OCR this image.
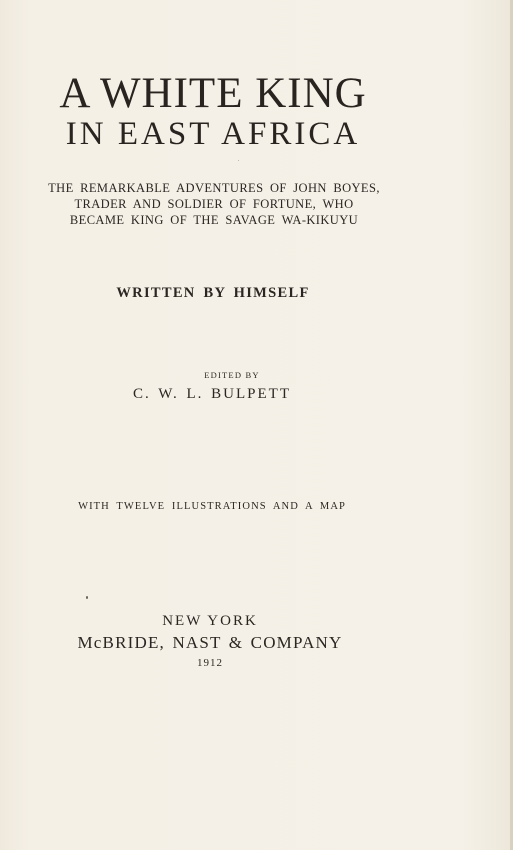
A WHITE KING
IN EAST AFRICA
THE REMARKABLE ADVENTURES OF JOHN BOYES,
TRADER AND SOLDIER OF FORTUNE, WHO
BECAME KING OF THE SAVAGE WA-KIKUYU
WRITTEN BY HIMSELF
EDITED BY
C. W. L. BULPETT
WITH TWELVE ILLUSTRATIONS AND A MAP
NEW YORK
McBRIDE, NAST & COMPANY
1912
